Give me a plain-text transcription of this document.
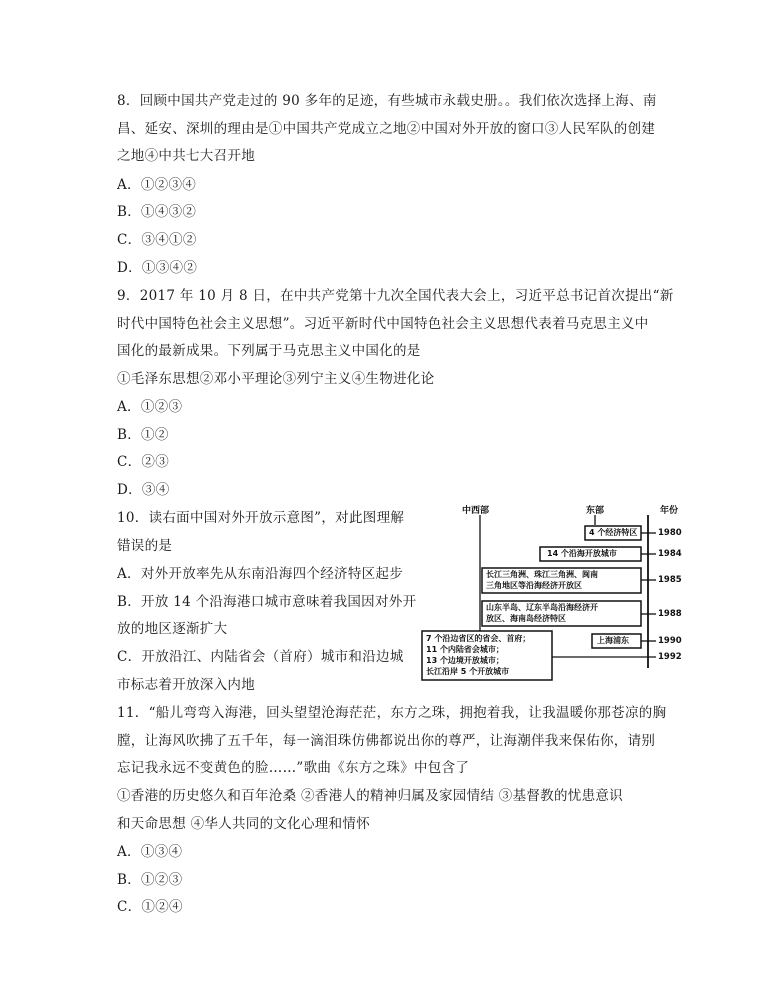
8．回顾中国共产党走过的 90 多年的足迹，有些城市永载史册。。我们依次选择上海、南
昌、延安、深圳的理由是①中国共产党成立之地②中国对外开放的窗口③人民军队的创建
之地④中共七大召开地
A．①②③④
B．①④③②
C．③④①②
D．①③④②
9．2017 年 10 月 8 日，在中共产党第十九次全国代表大会上，习近平总书记首次提出“新
时代中国特色社会主义思想”。习近平新时代中国特色社会主义思想代表着马克思主义中
国化的最新成果。下列属于马克思主义中国化的是
①毛泽东思想②邓小平理论③列宁主义④生物进化论
A．①②③
B．①②
C．②③
D．③④
10．读右面中国对外开放示意图”，对此图理解
错误的是
A．对外开放率先从东南沿海四个经济特区起步
B．开放 14 个沿海港口城市意味着我国因对外开
放的地区逐渐扩大
C．开放沿江、内陆省会（首府）城市和沿边城
市标志着开放深入内地
中西部	东部	年份
1980
1984
1985
1988
1990
1992
4 个经济特区
14 个沿海开放城市
长江三角洲、珠江三角洲、闽南
三角地区等沿海经济开放区
山东半岛、辽东半岛沿海经济开
放区、海南岛经济特区
上海浦东
7 个沿边省区的省会、首府；
11 个内陆省会城市；
13 个边境开放城市；
长江沿岸 5 个开放城市
11．“船儿弯弯入海港，回头望望沧海茫茫，东方之珠，拥抱着我，让我温暖你那苍凉的胸
膛，让海风吹拂了五千年，每一滴泪珠仿佛都说出你的尊严，让海潮伴我来保佑你，请别
忘记我永远不变黄色的脸……”歌曲《东方之珠》中包含了
①香港的历史悠久和百年沧桑 ②香港人的精神归属及家园情结 ③基督教的忧患意识
和天命思想 ④华人共同的文化心理和情怀
A．①③④
B．①②③
C．①②④
